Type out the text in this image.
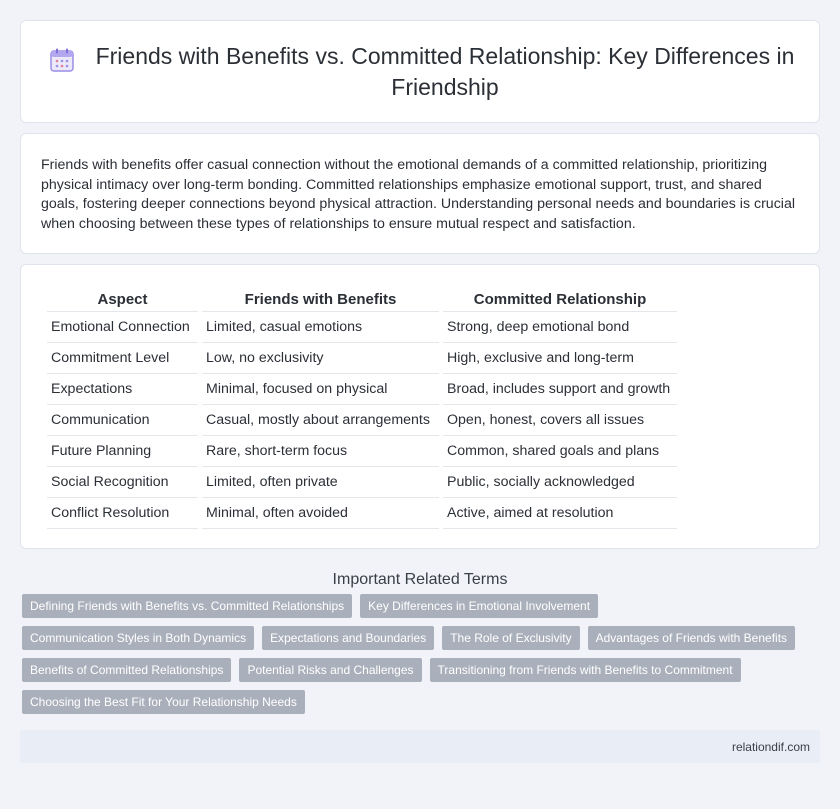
Friends with Benefits vs. Committed Relationship: Key Differences in Friendship

Friends with benefits offer casual connection without the emotional demands of a committed relationship, prioritizing physical intimacy over long-term bonding. Committed relationships emphasize emotional support, trust, and shared goals, fostering deeper connections beyond physical attraction. Understanding personal needs and boundaries is crucial when choosing between these types of relationships to ensure mutual respect and satisfaction.

Aspect	Friends with Benefits	Committed Relationship
Emotional Connection	Limited, casual emotions	Strong, deep emotional bond
Commitment Level	Low, no exclusivity	High, exclusive and long-term
Expectations	Minimal, focused on physical	Broad, includes support and growth
Communication	Casual, mostly about arrangements	Open, honest, covers all issues
Future Planning	Rare, short-term focus	Common, shared goals and plans
Social Recognition	Limited, often private	Public, socially acknowledged
Conflict Resolution	Minimal, often avoided	Active, aimed at resolution
Important Related Terms
Defining Friends with Benefits vs. Committed Relationships	Key Differences in Emotional Involvement
Communication Styles in Both Dynamics	Expectations and Boundaries	The Role of Exclusivity	Advantages of Friends with Benefits
Benefits of Committed Relationships	Potential Risks and Challenges	Transitioning from Friends with Benefits to Commitment
Choosing the Best Fit for Your Relationship Needs
relationdif.com
